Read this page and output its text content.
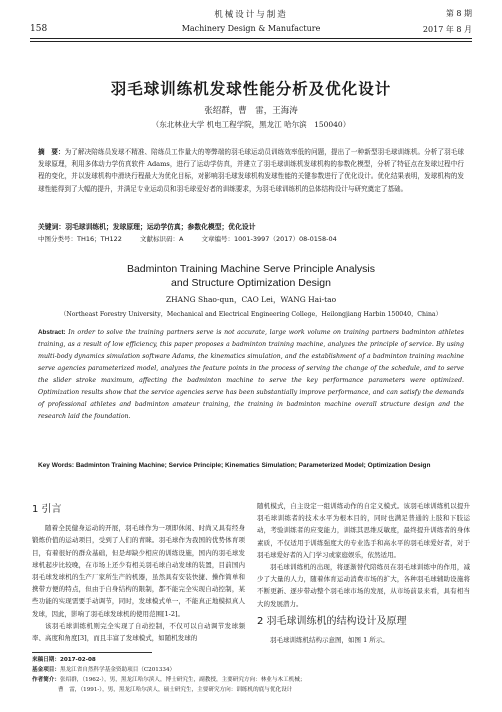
机械设计与制造
Machinery Design & Manufacture
158
第 8 期
2017 年 8 月
羽毛球训练机发球性能分析及优化设计
张绍群，曹　雷，王海涛
（东北林业大学 机电工程学院，黑龙江 哈尔滨　150040）
摘　要：为了解决陪练员发球不精准、陪练员工作量大的等弊端的羽毛球运动员训练效率低的问题，提出了一种新型羽毛球训练机。分析了羽毛球发球原理，利用多体动力学仿真软件 Adams，进行了运动学仿真，并建立了羽毛球训练机发球机构的参数化模型，分析了特征点在发球过程中行程的变化，并以发球机构中滑块行程最大为优化目标，对影响羽毛球发球机构发球性能的关键参数进行了优化设计。优化结果表明，发球机构的发球性能得到了大幅的提升，并满足专业运动员和羽毛球爱好者的训练要求，为羽毛球训练机的总体结构设计与研究奠定了基础。
关键词：羽毛球训练机；发球原理；运动学仿真；参数化模型；优化设计
中图分类号：TH16；TH122	文献标识码：A	文章编号：1001-3997（2017）08-0158-04
Badminton Training Machine Serve Principle Analysis
and Structure Optimization Design
ZHANG Shao-qun，CAO Lei，WANG Hai-tao
（Northeast Forestry University，Mechanical and Electrical Engineering College，Heilongjiang Harbin 150040，China）
Abstract: In order to solve the training partners serve is not accurate, large work volume on training partners badminton athletes training, as a result of low efficiency, this paper proposes a badminton training machine, analyzes the principle of service. By using multi-body dynamics simulation software Adams, the kinematics simulation, and the establishment of a badminton training machine serve agencies parameterized model, analyzes the feature points in the process of serving the change of the schedule, and to serve the slider stroke maximum, affecting the badminton machine to serve the key performance parameters were optimized. Optimization results show that the service agencies serve has been substantially improve performance, and can satisfy the demands of professional athletes and badminton amateur training, the training in badminton machine overall structure design and the research laid the foundation.
Key Words: Badminton Training Machine; Service Principle; Kinematics Simulation; Parameterized Model; Optimization Design
1 引言

随着全民健身运动的开展，羽毛球作为一项即休闲、时尚又具有经身锻炼价值的运动项目，受到了人们的青睐。羽毛球作为我国的优势体育项目，有着很好的群众基础，但是却缺少相应的训练设施，国内的羽毛球发球机起步比较晚，在市场上还少有相关羽毛球自动发球的装置，目前国内羽毛球发球机的生产厂家所生产的机器，虽然具有安装快捷、操作简单和携带方便的特点，但由于自身结构的限制，都不能完全实现自动控制，某些功能的实现需要手动调节，同时，发球模式单一，不能真正地模拟真人发球，因此，影响了羽毛球发球机的使用范围[1-2]。

该羽毛球训练机则完全实现了自动控制，不仅可以自动调节发球频率、高度和角度[3]，而且丰富了发球模式，如随机发球的

随机模式，自主设定一组训练动作的自定义模式。该羽毛球训练机以提升羽毛球训练者的技术水平为根本目的，同时也满足普通的上肢和下肢运动，考验训练者的应变能力，训练其思维反敏度，最终提升训练者的身体素质，不仅适用于训练强度大的专业选手和高水平的羽毛球爱好者，对于羽毛球爱好者的入门学习或家庭娱乐，依然适用。

羽毛球训练机的出现，将逐渐替代陪练员在羽毛球训练中的作用，减少了大量的人力，随着体育运动消费市场的扩大，各种羽毛球辅助设施将不断更新、逐步带动整个羽毛球市场的发展，从市场前景来看，具有相当大的发展潜力。

2 羽毛球训练机的结构设计及原理

羽毛球训练机结构示意图，如图 1 所示。

来稿日期：2017-02-08
基金项目：黑龙江省自然科学基金资助项目（C201334）
作者简介：张绍群，（1962-），男，黑龙江哈尔滨人，博士研究生，副教授，主要研究方向：林业与木工机械；
曹　雷，（1991-），男，黑龙江哈尔滨人，硕士研究生，主要研究方向：训练机的底与优化设计
